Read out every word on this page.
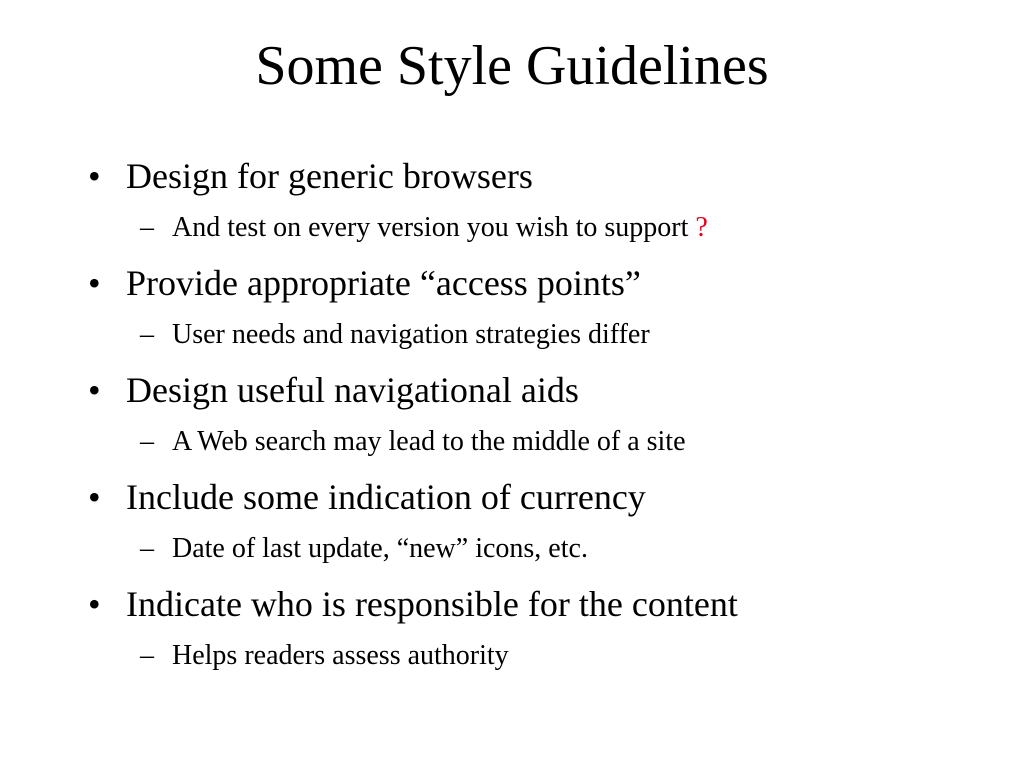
Some Style Guidelines
• Design for generic browsers
– And test on every version you wish to support ?
• Provide appropriate “access points”
– User needs and navigation strategies differ
• Design useful navigational aids
– A Web search may lead to the middle of a site
• Include some indication of currency
– Date of last update, “new” icons, etc.
• Indicate who is responsible for the content
– Helps readers assess authority
